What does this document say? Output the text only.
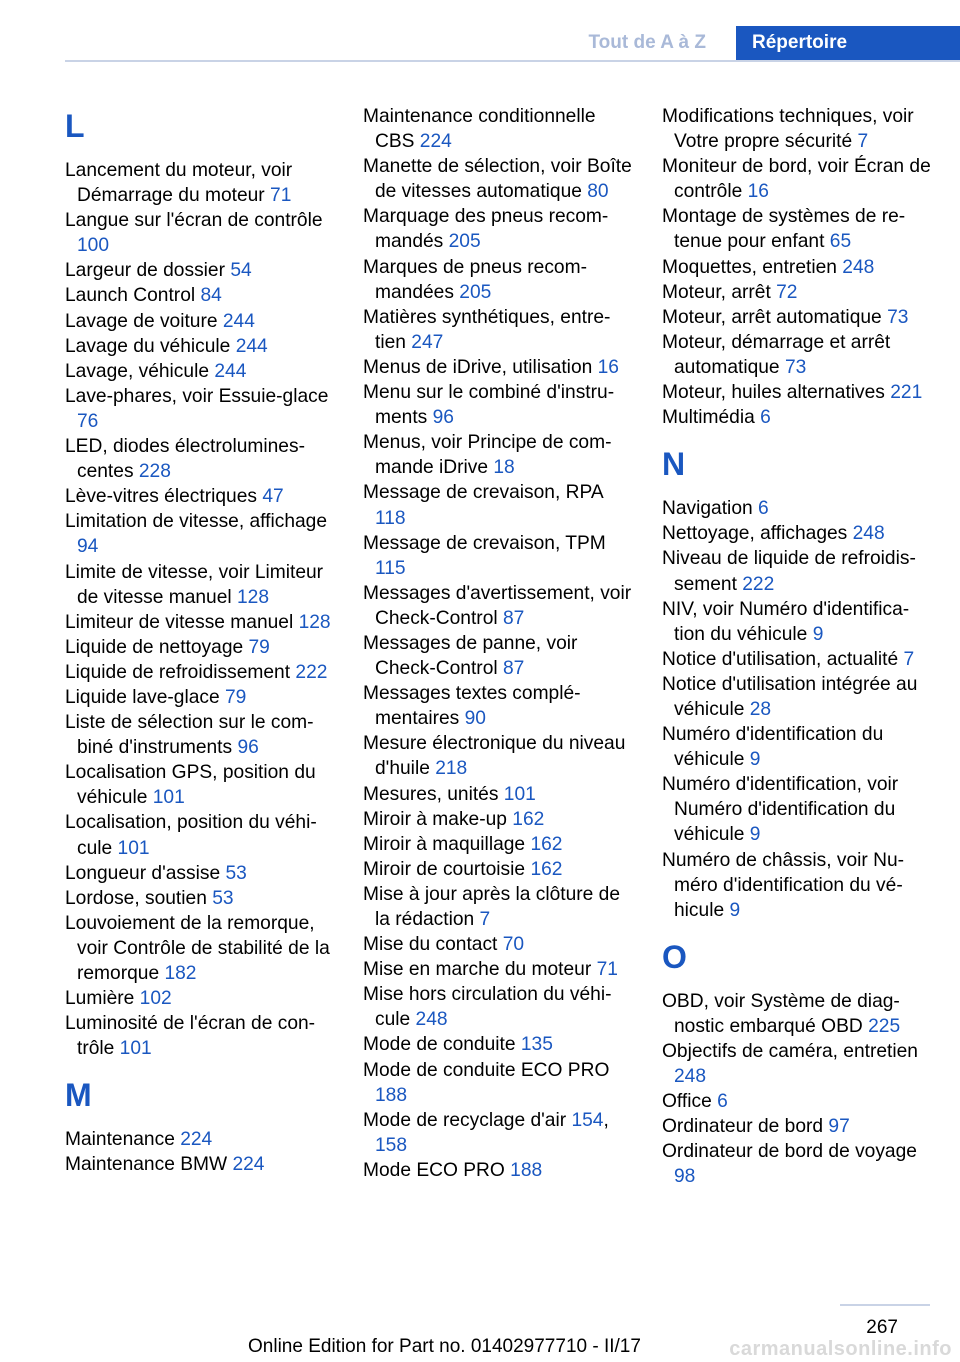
Tout de A à Z	Répertoire
L
Lancement du moteur, voir Démarrage du moteur 71
Langue sur l'écran de contrôle 100
Largeur de dossier 54
Launch Control 84
Lavage de voiture 244
Lavage du véhicule 244
Lavage, véhicule 244
Lave-phares, voir Essuie-glace 76
LED, diodes électroluminescentes 228
Lève-vitres électriques 47
Limitation de vitesse, affichage 94
Limite de vitesse, voir Limiteur de vitesse manuel 128
Limiteur de vitesse manuel 128
Liquide de nettoyage 79
Liquide de refroidissement 222
Liquide lave-glace 79
Liste de sélection sur le combiné d'instruments 96
Localisation GPS, position du véhicule 101
Localisation, position du véhicule 101
Longueur d'assise 53
Lordose, soutien 53
Louvoiement de la remorque, voir Contrôle de stabilité de la remorque 182
Lumière 102
Luminosité de l'écran de contrôle 101
M
Maintenance 224
Maintenance BMW 224
Maintenance conditionnelle CBS 224
Manette de sélection, voir Boîte de vitesses automatique 80
Marquage des pneus recommandés 205
Marques de pneus recommandées 205
Matières synthétiques, entretien 247
Menus de iDrive, utilisation 16
Menu sur le combiné d'instruments 96
Menus, voir Principe de commande iDrive 18
Message de crevaison, RPA 118
Message de crevaison, TPM 115
Messages d'avertissement, voir Check-Control 87
Messages de panne, voir Check-Control 87
Messages textes complémentaires 90
Mesure électronique du niveau d'huile 218
Mesures, unités 101
Miroir à make-up 162
Miroir à maquillage 162
Miroir de courtoisie 162
Mise à jour après la clôture de la rédaction 7
Mise du contact 70
Mise en marche du moteur 71
Mise hors circulation du véhicule 248
Mode de conduite 135
Mode de conduite ECO PRO 188
Mode de recyclage d'air 154, 158
Mode ECO PRO 188
Modifications techniques, voir Votre propre sécurité 7
Moniteur de bord, voir Écran de contrôle 16
Montage de systèmes de retenue pour enfant 65
Moquettes, entretien 248
Moteur, arrêt 72
Moteur, arrêt automatique 73
Moteur, démarrage et arrêt automatique 73
Moteur, huiles alternatives 221
Multimédia 6
N
Navigation 6
Nettoyage, affichages 248
Niveau de liquide de refroidissement 222
NIV, voir Numéro d'identification du véhicule 9
Notice d'utilisation, actualité 7
Notice d'utilisation intégrée au véhicule 28
Numéro d'identification du véhicule 9
Numéro d'identification, voir Numéro d'identification du véhicule 9
Numéro de châssis, voir Numéro d'identification du véhicule 9
O
OBD, voir Système de diagnostic embarqué OBD 225
Objectifs de caméra, entretien 248
Office 6
Ordinateur de bord 97
Ordinateur de bord de voyage 98
267
Online Edition for Part no. 01402977710 - II/17	carmanualsonline.info
